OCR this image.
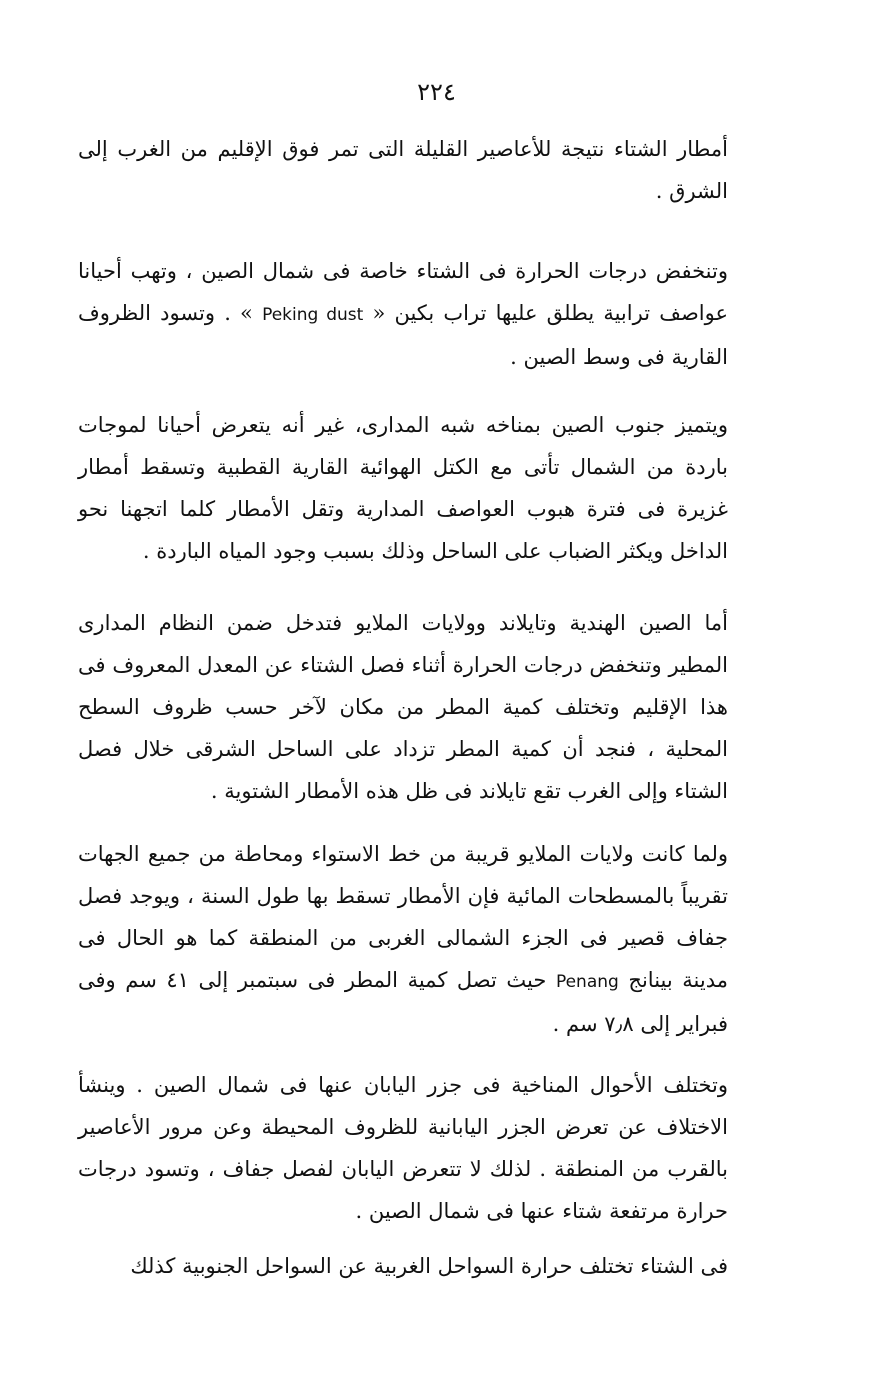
٢٢٤

أمطار الشتاء نتيجة للأعاصير القليلة التى تمر فوق الإقليم من الغرب إلى الشرق .

وتنخفض درجات الحرارة فى الشتاء خاصة فى شمال الصين ، وتهب أحيانا عواصف ترابية يطلق عليها تراب بكين « Peking dust » . وتسود الظروف القارية فى وسط الصين .

ويتميز جنوب الصين بمناخه شبه المدارى، غير أنه يتعرض أحيانا لموجات باردة من الشمال تأتى مع الكتل الهوائية القارية القطبية وتسقط أمطار غزيرة فى فترة هبوب العواصف المدارية وتقل الأمطار كلما اتجهنا نحو الداخل ويكثر الضباب على الساحل وذلك بسبب وجود المياه الباردة .

أما الصين الهندية وتايلاند وولايات الملايو فتدخل ضمن النظام المدارى المطير وتنخفض درجات الحرارة أثناء فصل الشتاء عن المعدل المعروف فى هذا الإقليم وتختلف كمية المطر من مكان لآخر حسب ظروف السطح المحلية ، فنجد أن كمية المطر تزداد على الساحل الشرقى خلال فصل الشتاء وإلى الغرب تقع تايلاند فى ظل هذه الأمطار الشتوية .

ولما كانت ولايات الملايو قريبة من خط الاستواء ومحاطة من جميع الجهات تقريباً بالمسطحات المائية فإن الأمطار تسقط بها طول السنة ، ويوجد فصل جفاف قصير فى الجزء الشمالى الغربى من المنطقة كما هو الحال فى مدينة بينانج Penang حيث تصل كمية المطر فى سبتمبر إلى ٤١ سم وفى فبراير إلى ٧٫٨ سم .

وتختلف الأحوال المناخية فى جزر اليابان عنها فى شمال الصين . وينشأ الاختلاف عن تعرض الجزر اليابانية للظروف المحيطة وعن مرور الأعاصير بالقرب من المنطقة . لذلك لا تتعرض اليابان لفصل جفاف ، وتسود درجات حرارة مرتفعة شتاء عنها فى شمال الصين .

فى الشتاء تختلف حرارة السواحل الغربية عن السواحل الجنوبية كذلك
